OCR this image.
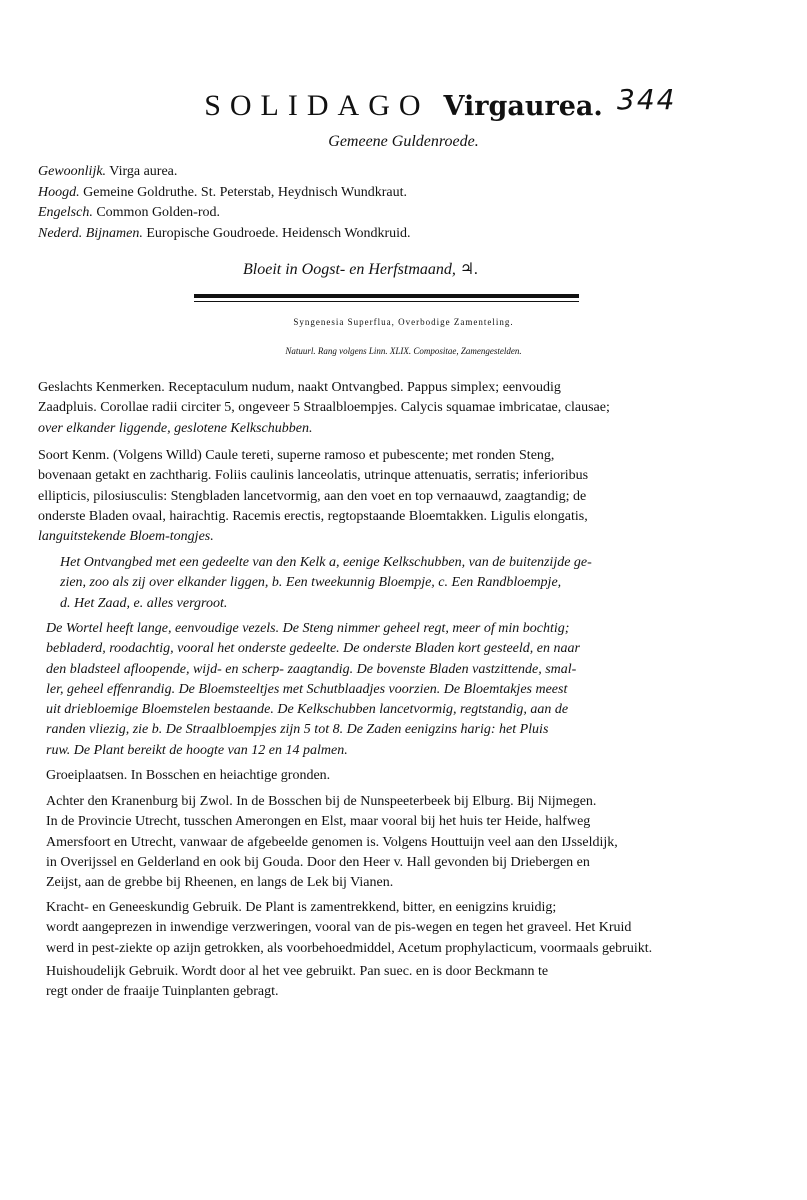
SOLIDAGO Virgaurea. 344
Gemeene Guldenroede.
Gewoonlijk. Virga aurea.
Hoogd. Gemeine Goldruthe. St. Peterstab, Heydnisch Wundkraut.
Engelsch. Common Golden-rod.
Nederd. Bijnamen. Europische Goudroede. Heidensch Wondkruid.
Bloeit in Oogst- en Herfstmaand, ♃.
Syngenesia Superflua, Overbodige Zamenteling.
Natuurl. Rang volgens Linn. XLIX. Compositae, Zamengestelden.
Geslachts Kenmerken. Receptaculum nudum, naakt Ontvangbed. Pappus simplex; eenvoudig
Zaadpluis. Corollae radii circiter 5, ongeveer 5 Straalbloempjes. Calycis squamae imbricatae, clausae;
over elkander liggende, geslotene Kelkschubben.
Soort Kenm. (Volgens Willd) Caule tereti, superne ramoso et pubescente; met ronden Steng,
bovenaan getakt en zachtharig. Foliis caulinis lanceolatis, utrinque attenuatis, serratis; inferioribus
ellipticis, pilosiusculis: Stengbladen lancetvormig, aan den voet en top vernaauwd, zaagtandig; de
onderste Bladen ovaal, hairachtig. Racemis erectis, regtopstaande Bloemtakken. Ligulis elongatis,
languitstekende Bloem-tongjes.
Het Ontvangbed met een gedeelte van den Kelk a, eenige Kelkschubben, van de buitenzijde ge-
zien, zoo als zij over elkander liggen, b. Een tweekunnig Bloempje, c. Een Randbloempje,
d. Het Zaad, e. alles vergroot.
De Wortel heeft lange, eenvoudige vezels. De Steng nimmer geheel regt, meer of min bochtig;
bebladerd, roodachtig, vooral het onderste gedeelte. De onderste Bladen kort gesteeld, en naar
den bladsteel afloopende, wijd- en scherp- zaagtandig. De bovenste Bladen vastzittende, smal-
ler, geheel effenrandig. De Bloemsteeltjes met Schutblaadjes voorzien. De Bloemtakjes meest
uit driebloemige Bloemstelen bestaande. De Kelkschubben lancetvormig, regtstandig, aan de
randen vliezig, zie b. De Straalbloempjes zijn 5 tot 8. De Zaden eenigzins harig: het Pluis
ruw. De Plant bereikt de hoogte van 12 en 14 palmen.
Groeiplaatsen. In Bosschen en heiachtige gronden.
Achter den Kranenburg bij Zwol. In de Bosschen bij de Nunspeeterbeek bij Elburg. Bij Nijmegen.
In de Provincie Utrecht, tusschen Amerongen en Elst, maar vooral bij het huis ter Heide, halfweg
Amersfoort en Utrecht, vanwaar de afgebeelde genomen is. Volgens Houttuijn veel aan den IJsseldijk,
in Overijssel en Gelderland en ook bij Gouda. Door den Heer v. Hall gevonden bij Driebergen en
Zeijst, aan de grebbe bij Rheenen, en langs de Lek bij Vianen.
Kracht- en Geneeskundig Gebruik. De Plant is zamentrekkend, bitter, en eenigzins kruidig;
wordt aangeprezen in inwendige verzweringen, vooral van de pis-wegen en tegen het graveel. Het Kruid
werd in pest-ziekte op azijn getrokken, als voorbehoedmiddel, Acetum prophylacticum, voormaals gebruikt.
Huishoudelijk Gebruik. Wordt door al het vee gebruikt. Pan suec. en is door Beckmann te
regt onder de fraaije Tuinplanten gebragt.
